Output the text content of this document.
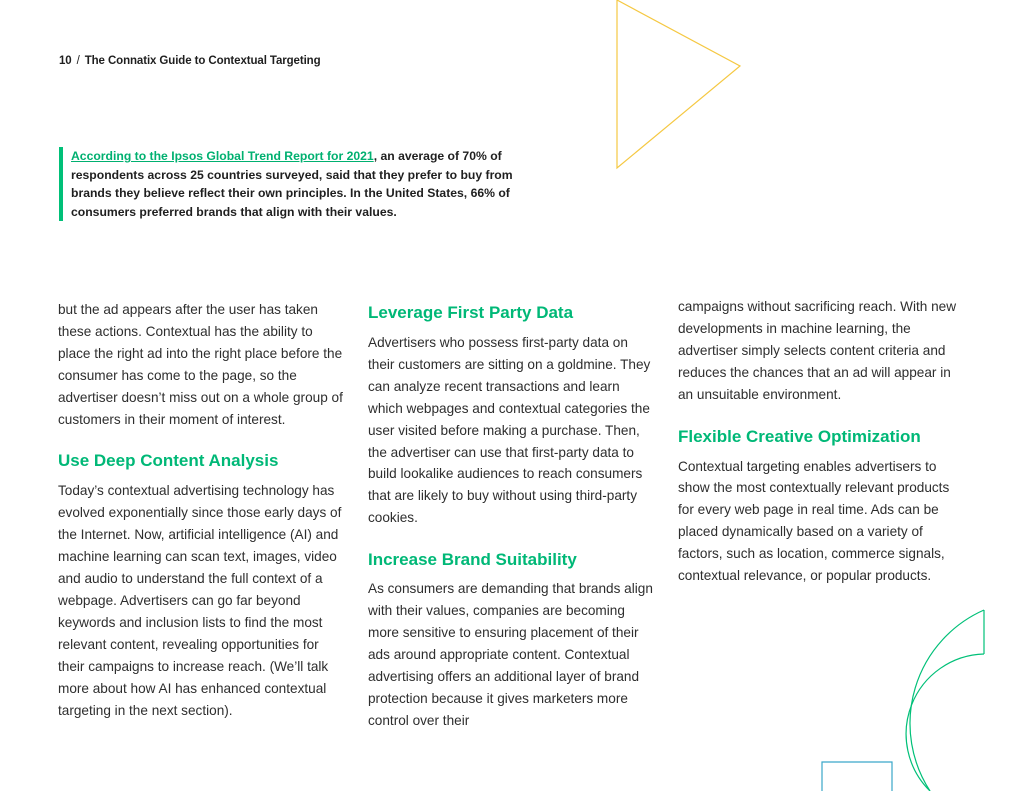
10 / The Connatix Guide to Contextual Targeting
According to the Ipsos Global Trend Report for 2021, an average of 70% of respondents across 25 countries surveyed, said that they prefer to buy from brands they believe reflect their own principles. In the United States, 66% of consumers preferred brands that align with their values.

but the ad appears after the user has taken these actions. Contextual has the ability to place the right ad into the right place before the consumer has come to the page, so the advertiser doesn’t miss out on a whole group of customers in their moment of interest.

Use Deep Content Analysis

Today’s contextual advertising technology has evolved exponentially since those early days of the Internet. Now, artificial intelligence (AI) and machine learning can scan text, images, video and audio to understand the full context of a webpage. Advertisers can go far beyond keywords and inclusion lists to find the most relevant content, revealing opportunities for their campaigns to increase reach. (We’ll talk more about how AI has enhanced contextual targeting in the next section).

Leverage First Party Data

Advertisers who possess first-party data on their customers are sitting on a goldmine. They can analyze recent transactions and learn which webpages and contextual categories the user visited before making a purchase. Then, the advertiser can use that first-party data to build lookalike audiences to reach consumers that are likely to buy without using third-party cookies.

Increase Brand Suitability

As consumers are demanding that brands align with their values, companies are becoming more sensitive to ensuring placement of their ads around appropriate content. Contextual advertising offers an additional layer of brand protection because it gives marketers more control over their

campaigns without sacrificing reach. With new developments in machine learning, the advertiser simply selects content criteria and reduces the chances that an ad will appear in an unsuitable environment.

Flexible Creative Optimization

Contextual targeting enables advertisers to show the most contextually relevant products for every web page in real time. Ads can be placed dynamically based on a variety of factors, such as location, commerce signals, contextual relevance, or popular products.
